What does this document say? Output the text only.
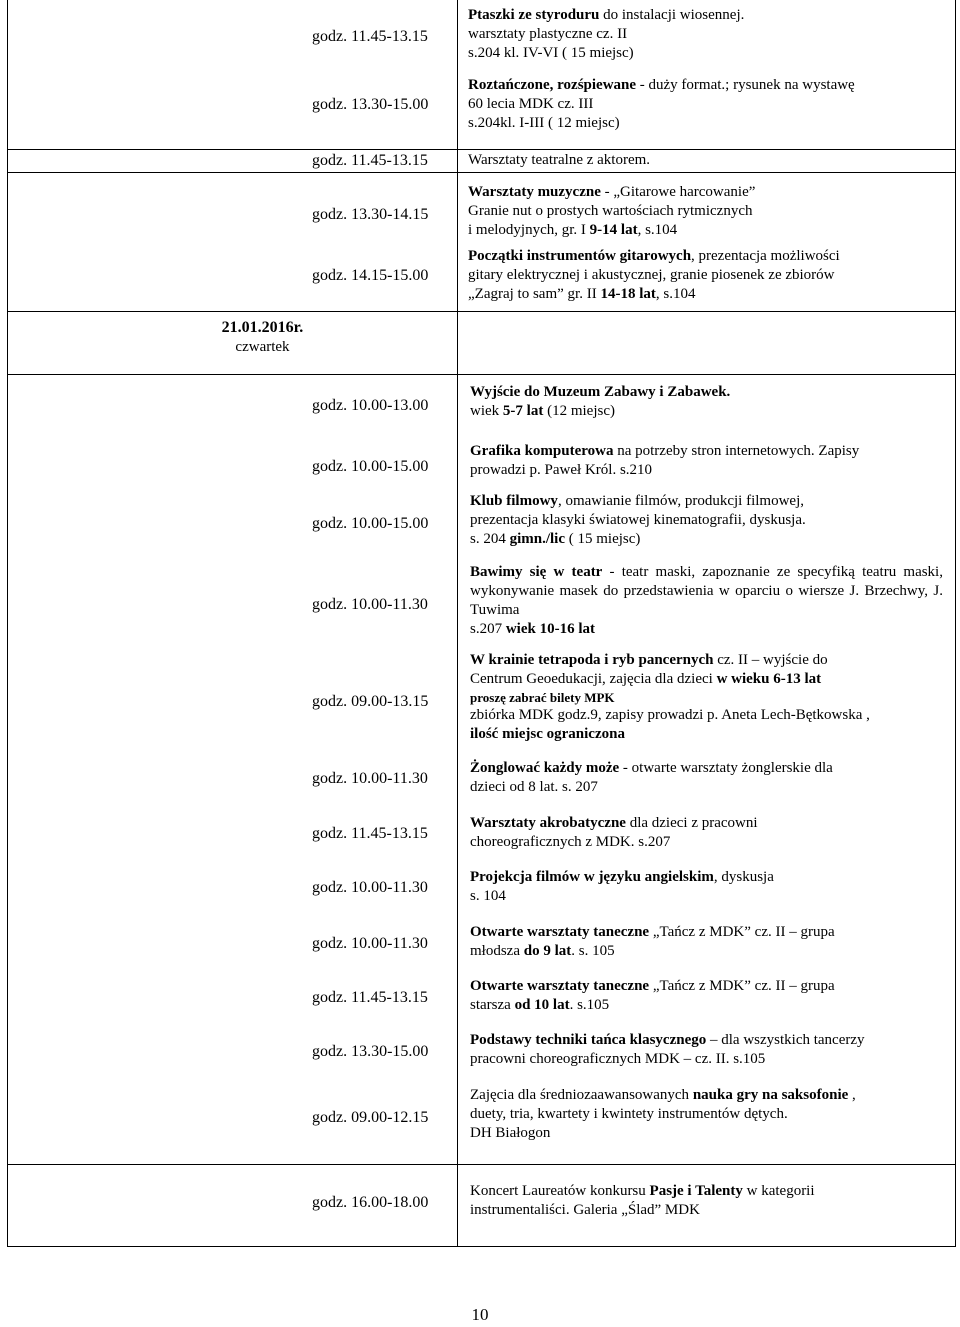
godz. 11.45-13.15
godz. 13.30-15.00
godz. 11.45-13.15
godz. 13.30-14.15
godz. 14.15-15.00
21.01.2016r.
czwartek
godz. 10.00-13.00
godz. 10.00-15.00
godz. 10.00-15.00
godz. 10.00-11.30
godz. 09.00-13.15
godz. 10.00-11.30
godz. 11.45-13.15
godz. 10.00-11.30
godz. 10.00-11.30
godz. 11.45-13.15
godz. 13.30-15.00
godz. 09.00-12.15
godz. 16.00-18.00

Ptaszki ze styroduru do instalacji wiosennej.

warsztaty plastyczne cz. II

s.204 kl. IV-VI ( 15 miejsc)

Roztańczone, rozśpiewane - duży format.; rysunek na wystawę

60 lecia MDK cz. III

s.204kl. I-III ( 12 miejsc)

Warsztaty teatralne z aktorem.

Warsztaty muzyczne - „Gitarowe harcowanie”

Granie nut o prostych wartościach rytmicznych

i melodyjnych, gr. I 9-14 lat, s.104

Początki instrumentów gitarowych, prezentacja możliwości

gitary elektrycznej i akustycznej, granie piosenek ze zbiorów

„Zagraj to sam” gr. II 14-18 lat, s.104

Wyjście do Muzeum Zabawy i Zabawek.

wiek 5-7 lat (12 miejsc)

Grafika komputerowa na potrzeby stron internetowych. Zapisy

prowadzi p. Paweł Król. s.210

Klub filmowy, omawianie filmów, produkcji filmowej,

prezentacja klasyki światowej kinematografii, dyskusja.

s. 204 gimn./lic ( 15 miejsc)

Bawimy się w teatr - teatr maski, zapoznanie ze specyfiką teatru maski, wykonywanie masek do przedstawienia w oparciu o wiersze J. Brzechwy, J. Tuwima

s.207 wiek 10-16 lat

W krainie tetrapoda i ryb pancernych cz. II – wyjście do

Centrum Geoedukacji, zajęcia dla dzieci w wieku 6-13 lat

proszę zabrać bilety MPK

zbiórka MDK godz.9, zapisy prowadzi p. Aneta Lech-Bętkowska ,

ilość miejsc ograniczona

Żonglować każdy może - otwarte warsztaty żonglerskie dla

dzieci od 8 lat. s. 207

Warsztaty akrobatyczne dla dzieci z pracowni

choreograficznych z MDK. s.207

Projekcja filmów w języku angielskim, dyskusja

s. 104

Otwarte warsztaty taneczne „Tańcz z MDK” cz. II – grupa

młodsza do 9 lat. s. 105

Otwarte warsztaty taneczne „Tańcz z MDK” cz. II – grupa

starsza od 10 lat. s.105

Podstawy techniki tańca klasycznego – dla wszystkich tancerzy

pracowni choreograficznych MDK – cz. II. s.105

Zajęcia dla średniozaawansowanych nauka gry na saksofonie ,

duety, tria, kwartety i kwintety instrumentów dętych.

DH Białogon

Koncert Laureatów konkursu Pasje i Talenty w kategorii

instrumentaliści. Galeria „Ślad” MDK

10
